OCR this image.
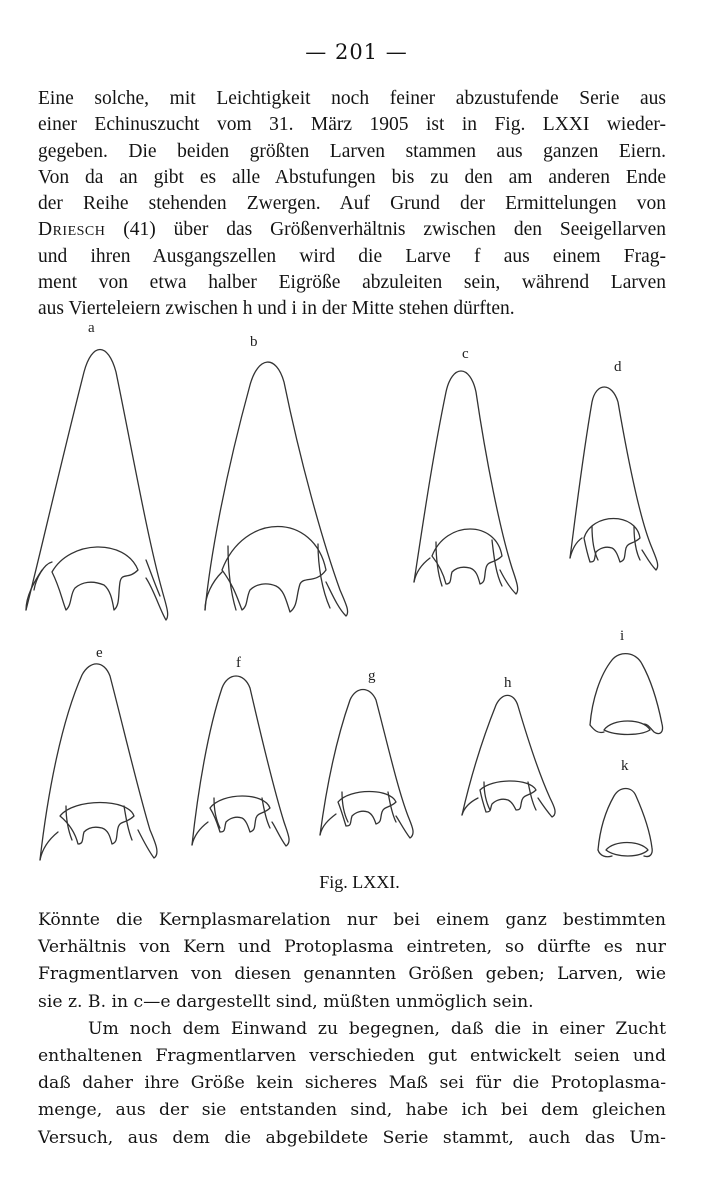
— 201 —
Eine solche, mit Leichtigkeit noch feiner abzustufende Serie aus
einer Echinuszucht vom 31. März 1905 ist in Fig. LXXI wieder-
gegeben. Die beiden größten Larven stammen aus ganzen Eiern.
Von da an gibt es alle Abstufungen bis zu den am anderen Ende
der Reihe stehenden Zwergen. Auf Grund der Ermittelungen von
Driesch (41) über das Größenverhältnis zwischen den Seeigellarven
und ihren Ausgangszellen wird die Larve f aus einem Frag-
ment von etwa halber Eigröße abzuleiten sein, während Larven
aus Vierteleiern zwischen h und i in der Mitte stehen dürften.
a
b
c
d
e
f
g	h
i
k
Fig. LXXI.
Könnte die Kernplasmarelation nur bei einem ganz bestimmten
Verhältnis von Kern und Protoplasma eintreten, so dürfte es nur
Fragmentlarven von diesen genannten Größen geben; Larven, wie
sie z. B. in c—e dargestellt sind, müßten unmöglich sein.
Um noch dem Einwand zu begegnen, daß die in einer Zucht
enthaltenen Fragmentlarven verschieden gut entwickelt seien und
daß daher ihre Größe kein sicheres Maß sei für die Protoplasma-
menge, aus der sie entstanden sind, habe ich bei dem gleichen
Versuch, aus dem die abgebildete Serie stammt, auch das Um-
